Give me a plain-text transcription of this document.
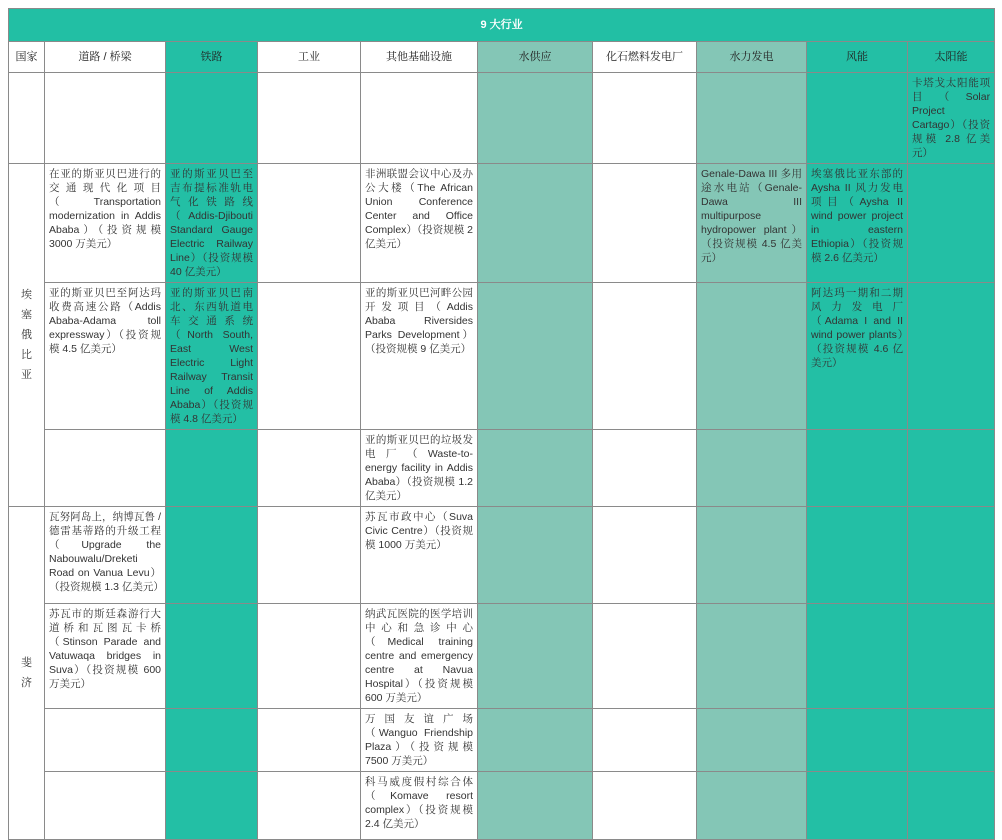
9 大行业									
国家	道路 / 桥梁	铁路	工业	其他基础设施	水供应	化石燃料发电厂	水力发电	风能	太阳能
									卡塔戈太阳能项目（Solar Project Cartago）（投资规模 2.8 亿美元）
埃塞俄比亚	在亚的斯亚贝巴进行的交通现代化项目（Transportation modernization in Addis Ababa）（投资规模 3000 万美元）	亚的斯亚贝巴至吉布提标准轨电气化铁路线（Addis-Djibouti Standard Gauge Electric Railway Line）（投资规模 40 亿美元）		非洲联盟会议中心及办公大楼（The African Union Conference Center and Office Complex）（投资规模 2 亿美元）			Genale-Dawa III 多用途水电站（Genale-Dawa III multipurpose hydropower plant）（投资规模 4.5 亿美元）	埃塞俄比亚东部的 Aysha II 风力发电项目（Aysha II wind power project in eastern Ethiopia）（投资规模 2.6 亿美元）	
	亚的斯亚贝巴至阿达玛收费高速公路（Addis Ababa-Adama toll expressway）（投资规模 4.5 亿美元）	亚的斯亚贝巴南北、东西轨道电车交通系统（North South, East West Electric Light Railway Transit Line of Addis Ababa）（投资规模 4.8 亿美元）		亚的斯亚贝巴河畔公园开发项目（Addis Ababa Riversides Parks Development）（投资规模 9 亿美元）				阿达玛一期和二期风力发电厂（Adama I and II wind power plants）（投资规模 4.6 亿美元）	
				亚的斯亚贝巴的垃圾发电厂（Waste-to-energy facility in Addis Ababa）（投资规模 1.2 亿美元）					
斐济	瓦努阿岛上，纳博瓦鲁 / 德雷基蒂路的升级工程（Upgrade the Nabouwalu/Dreketi Road on Vanua Levu）（投资规模 1.3 亿美元）			苏瓦市政中心（Suva Civic Centre）（投资规模 1000 万美元）					
	苏瓦市的斯廷森游行大道桥和瓦图瓦卡桥（Stinson Parade and Vatuwaqa bridges in Suva）（投资规模 600 万美元）			纳武瓦医院的医学培训中心和急诊中心（Medical training centre and emergency centre at Navua Hospital）（投资规模 600 万美元）					
				万国友谊广场（Wanguo Friendship Plaza）（投资规模 7500 万美元）					
				科马威度假村综合体（Komave resort complex）（投资规模 2.4 亿美元）					
